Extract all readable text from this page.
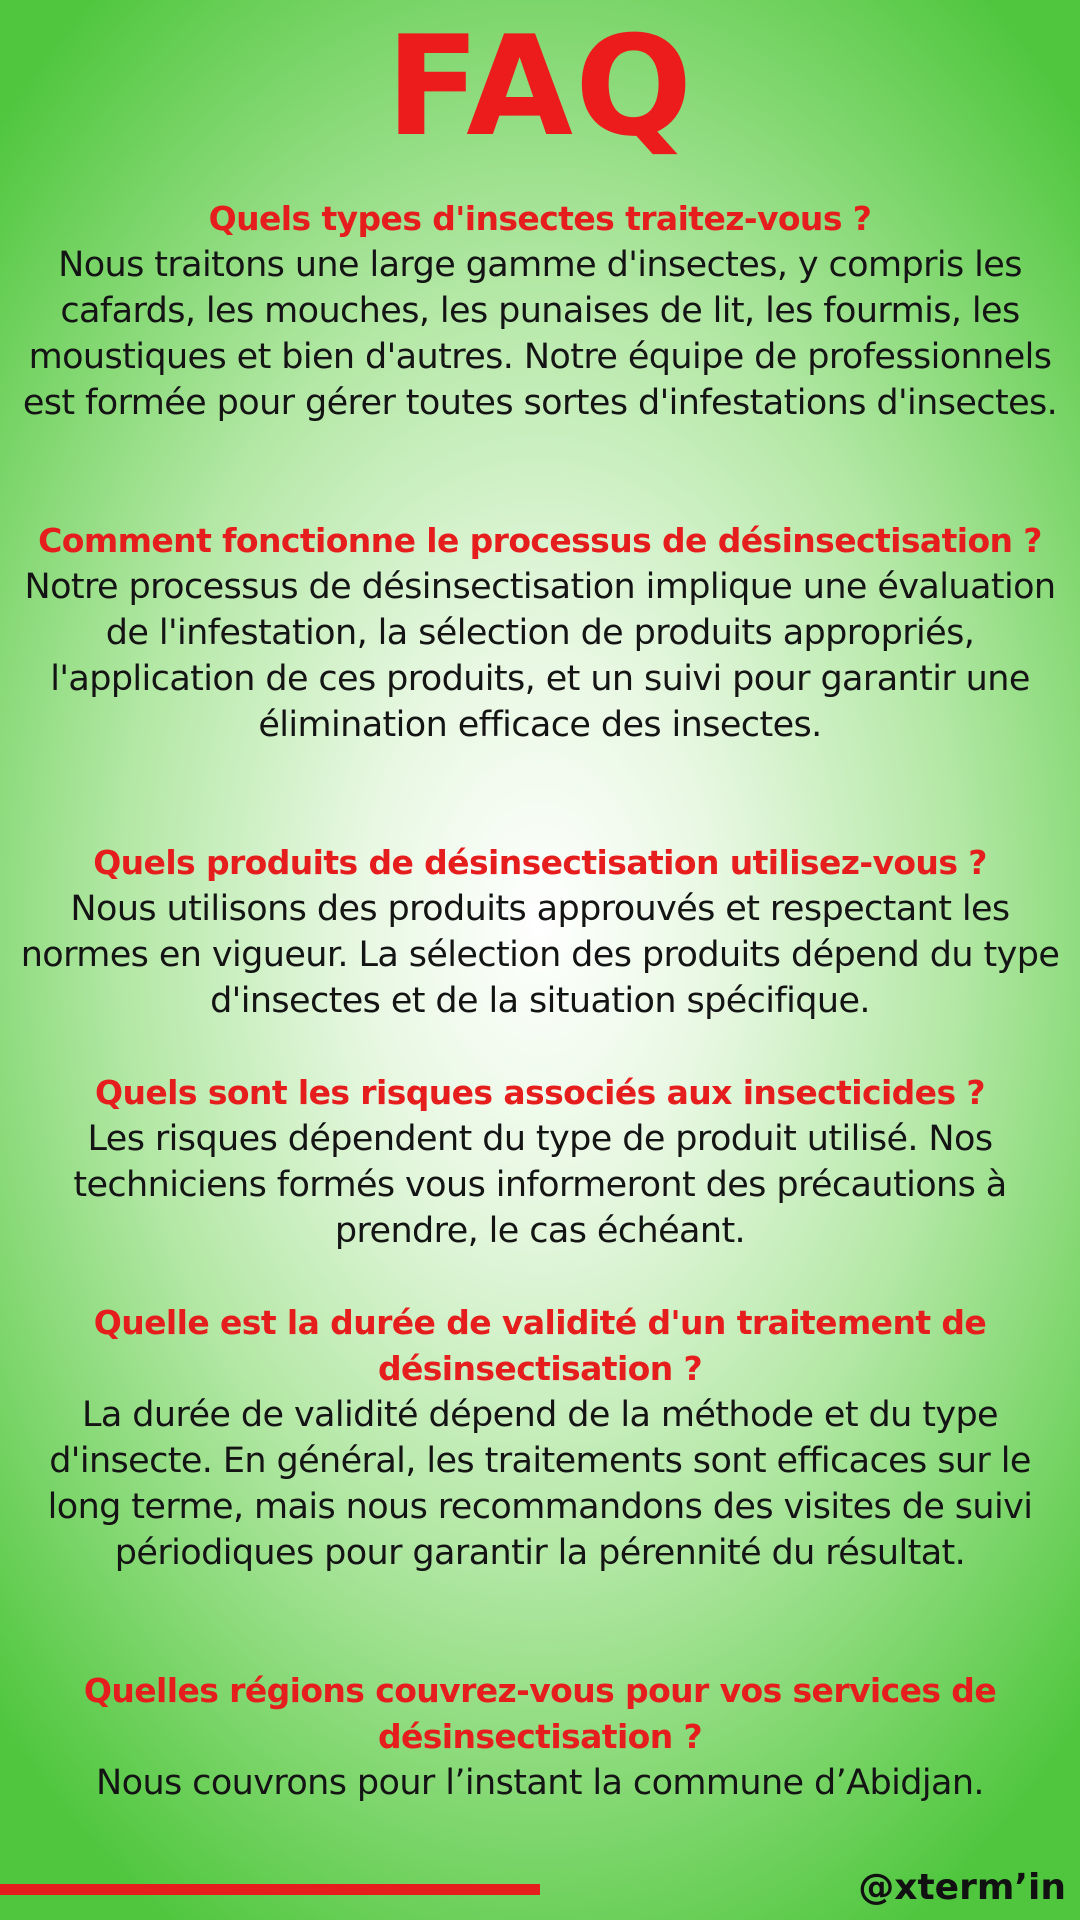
FAQ
Quels types d'insectes traitez-vous ?

Nous traitons une large gamme d'insectes, y compris les cafards, les mouches, les punaises de lit, les fourmis, les moustiques et bien d'autres. Notre équipe de professionnels est formée pour gérer toutes sortes d'infestations d'insectes.

Comment fonctionne le processus de désinsectisation ?

Notre processus de désinsectisation implique une évaluation de l'infestation, la sélection de produits appropriés, l'application de ces produits, et un suivi pour garantir une élimination efficace des insectes.

Quels produits de désinsectisation utilisez-vous ?

Nous utilisons des produits approuvés et respectant les normes en vigueur. La sélection des produits dépend du type d'insectes et de la situation spécifique.

Quels sont les risques associés aux insecticides ?

Les risques dépendent du type de produit utilisé. Nos techniciens formés vous informeront des précautions à prendre, le cas échéant.

Quelle est la durée de validité d'un traitement de désinsectisation ?

La durée de validité dépend de la méthode et du type d'insecte. En général, les traitements sont efficaces sur le long terme, mais nous recommandons des visites de suivi périodiques pour garantir la pérennité du résultat.

Quelles régions couvrez-vous pour vos services de désinsectisation ?

Nous couvrons pour l’instant la commune d’Abidjan.

@xterm’in
